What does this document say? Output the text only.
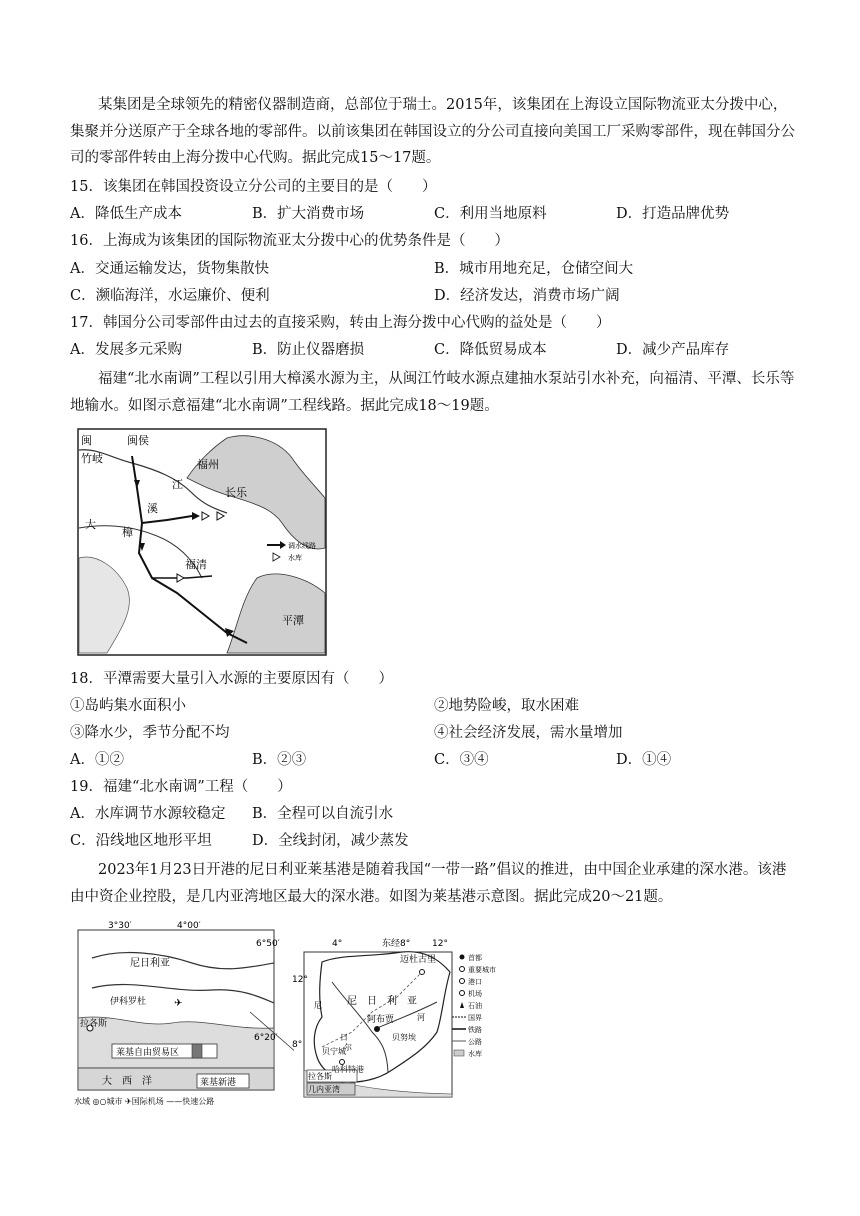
某集团是全球领先的精密仪器制造商，总部位于瑞士。2015年，该集团在上海设立国际物流亚太分拨中心，集聚并分送原产于全球各地的零部件。以前该集团在韩国设立的分公司直接向美国工厂采购零部件，现在韩国分公司的零部件转由上海分拨中心代购。据此完成15～17题。
15．该集团在韩国投资设立分公司的主要目的是（　　）
A．降低生产成本	B．扩大消费市场	C．利用当地原料	D．打造品牌优势
16．上海成为该集团的国际物流亚太分拨中心的优势条件是（　　）
A．交通运输发达，货物集散快	B．城市用地充足，仓储空间大
C．濒临海洋，水运廉价、便利	D．经济发达，消费市场广阔
17．韩国分公司零部件由过去的直接采购，转由上海分拨中心代购的益处是（　　）
A．发展多元采购	B．防止仪器磨损	C．降低贸易成本	D．减少产品库存
福建“北水南调”工程以引用大樟溪水源为主，从闽江竹岐水源点建抽水泵站引水补充，向福清、平潭、长乐等地输水。如图示意福建“北水南调”工程线路。据此完成18～19题。
闽	闽侯
竹岐	福州
江
长乐
溪
大
樟
福清
平潭
调水线路
水库
18．平潭需要大量引入水源的主要原因有（　　）
①岛屿集水面积小	②地势险峻，取水困难
③降水少，季节分配不均	④社会经济发展，需水量增加
A．①②	B．②③	C．③④	D．①④
19．福建“北水南调”工程（　　）
A．水库调节水源较稳定 B．全程可以自流引水
C．沿线地区地形平坦	D．全线封闭，减少蒸发
2023年1月23日开港的尼日利亚莱基港是随着我国“一带一路”倡议的推进，由中国企业承建的深水港。该港由中资企业控股，是几内亚湾地区最大的深水港。如图为莱基港示意图。据此完成20～21题。
3°30′	4°00′
6°50′
6°20′
尼日利亚
伊科罗杜
拉各斯
莱基自由贸易区
莱基新港
大　西　洋
✈
水域 ◎○城市 ✈国际机场 ——快速公路
4°	东经8° 12°
12°
8°
尼　日　利　亚
迈杜古里
阿布贾
拉各斯
贝宁城
哈科特港
几内亚湾
尼
日
尔
贝努埃
河
首都
重要城市
港口
机场
石油
国界
铁路
公路
水库
